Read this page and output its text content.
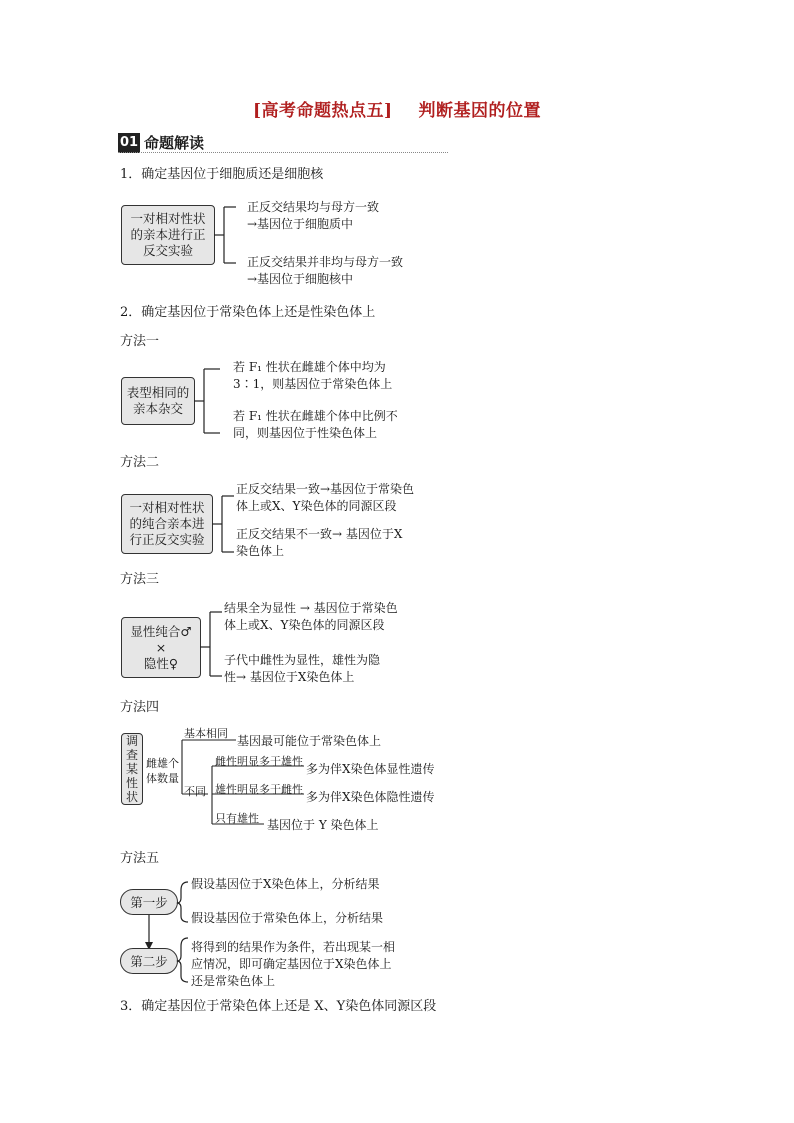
[高考命题热点五] 判断基因的位置
01 命题解读
1．确定基因位于细胞质还是细胞核
一对相对性状
的亲本进行正
反交实验
正反交结果均与母方一致
→基因位于细胞质中
正反交结果并非均与母方一致
→基因位于细胞核中
2．确定基因位于常染色体上还是性染色体上
方法一
表型相同的
亲本杂交
若 F₁ 性状在雌雄个体中均为
3∶1，则基因位于常染色体上
若 F₁ 性状在雌雄个体中比例不
同，则基因位于性染色体上
方法二
一对相对性状
的纯合亲本进
行正反交实验
正反交结果一致→基因位于常染色
体上或X、Y染色体的同源区段
正反交结果不一致→ 基因位于X
染色体上
方法三
显性纯合♂
×
隐性♀
结果全为显性 → 基因位于常染色
体上或X、Y染色体的同源区段
子代中雌性为显性，雄性为隐
性→ 基因位于X染色体上
方法四
调
查
某
性
状
雌雄个
体数量
基本相同
基因最可能位于常染色体上
不同
雌性明显多于雄性
多为伴X染色体显性遗传
雄性明显多于雌性
多为伴X染色体隐性遗传
只有雄性 基因位于 Y 染色体上
方法五
第一步
第二步
假设基因位于X染色体上，分析结果
假设基因位于常染色体上，分析结果
将得到的结果作为条件，若出现某一相
应情况，即可确定基因位于X染色体上
还是常染色体上
3．确定基因位于常染色体上还是 X、Y染色体同源区段
